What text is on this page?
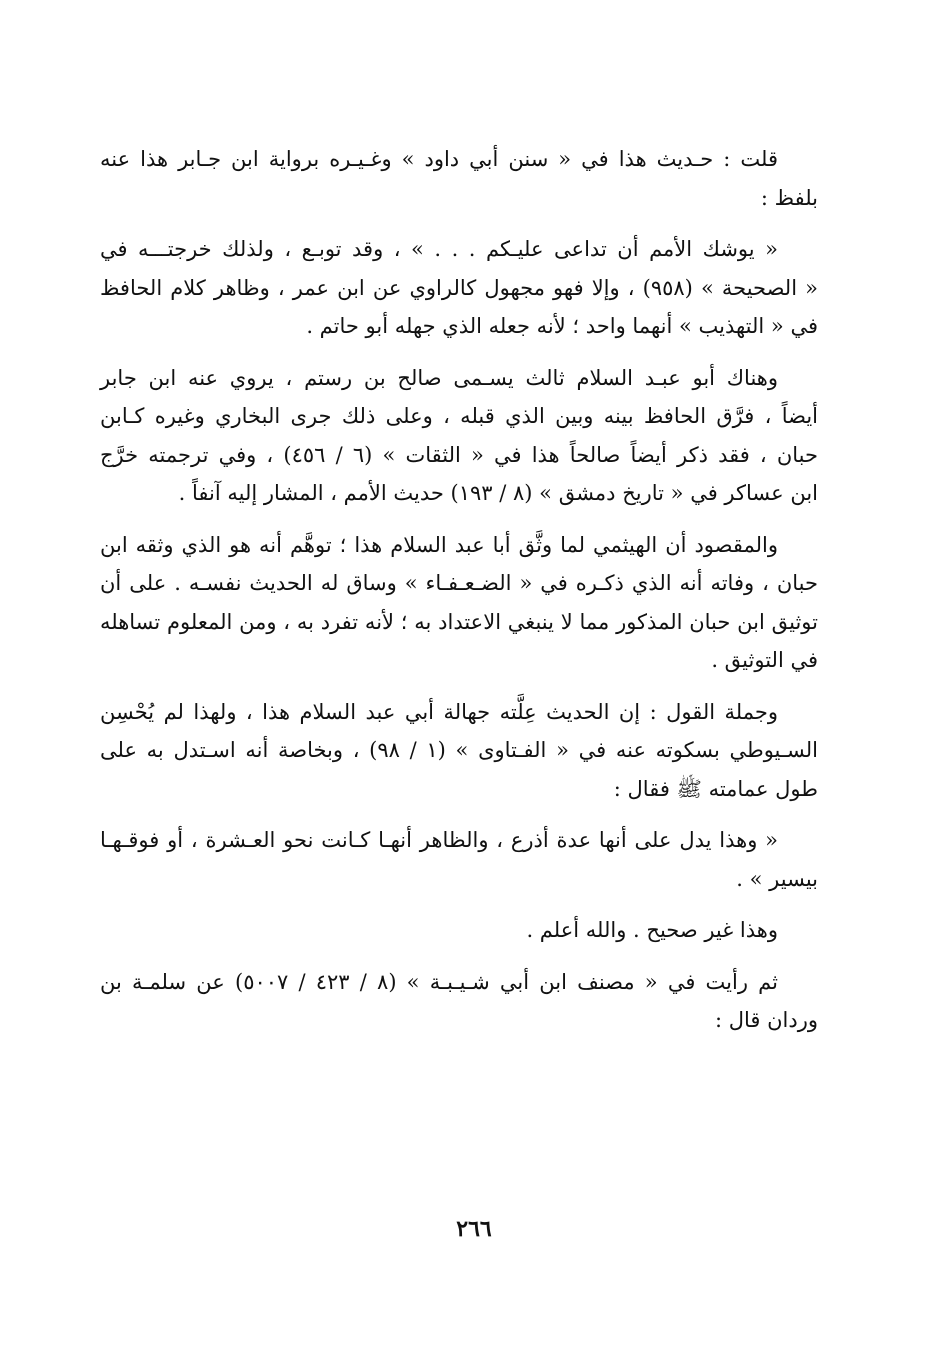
قلت : حـديث هذا في « سنن أبي داود » وغـيـره برواية ابن جـابر هذا عنه
بلفظ :

« يوشك الأمم أن تداعى عليـكم . . . » ، وقد توبـع ، ولذلك خرجتـــه في
« الصحيحة » (٩٥٨) ، وإلا فهو مجهول كالراوي عن ابن عمر ، وظاهر كلام الحافظ
في « التهذيب » أنهما واحد ؛ لأنه جعله الذي جهله أبو حاتم .

وهناك أبو عبـد السلام ثالث يسـمى صالح بن رستم ، يروي عنه ابن جابر
أيضاً ، فرَّق الحافظ بينه وبين الذي قبله ، وعلى ذلك جرى البخاري وغيره كـابن
حبان ، فقد ذكر أيضاً صالحاً هذا في « الثقات » (٦ / ٤٥٦) ، وفي ترجمته خرَّج
ابن عساكر في « تاريخ دمشق » (٨ / ١٩٣) حديث الأمم ، المشار إليه آنفاً .

والمقصود أن الهيثمي لما وثَّق أبا عبد السلام هذا ؛ توهَّم أنه هو الذي وثقه ابن
حبان ، وفاته أنه الذي ذكـره في « الضـعـفـاء » وساق له الحديث نفسـه . على أن
توثيق ابن حبان المذكور مما لا ينبغي الاعتداد به ؛ لأنه تفرد به ، ومن المعلوم تساهله
في التوثيق .

وجملة القول : إن الحديث عِلَّته جهالة أبي عبد السلام هذا ، ولهذا لم يُحْسِن
السـيوطي بسكوته عنه في « الفـتاوى » (١ / ٩٨) ، وبخاصة أنه اسـتدل به على
طول عمامته ﷺ فقال :

« وهذا يدل على أنها عدة أذرع ، والظاهر أنهـا كـانت نحو العـشرة ، أو فوقـهـا
بيسير » .

وهذا غير صحيح . والله أعلم .

ثم رأيت في « مصنف ابن أبي شـيـبـة » (٨ / ٤٢٣ / ٥٠٠٧) عن سلمـة بن
وردان قال :

٢٦٦
